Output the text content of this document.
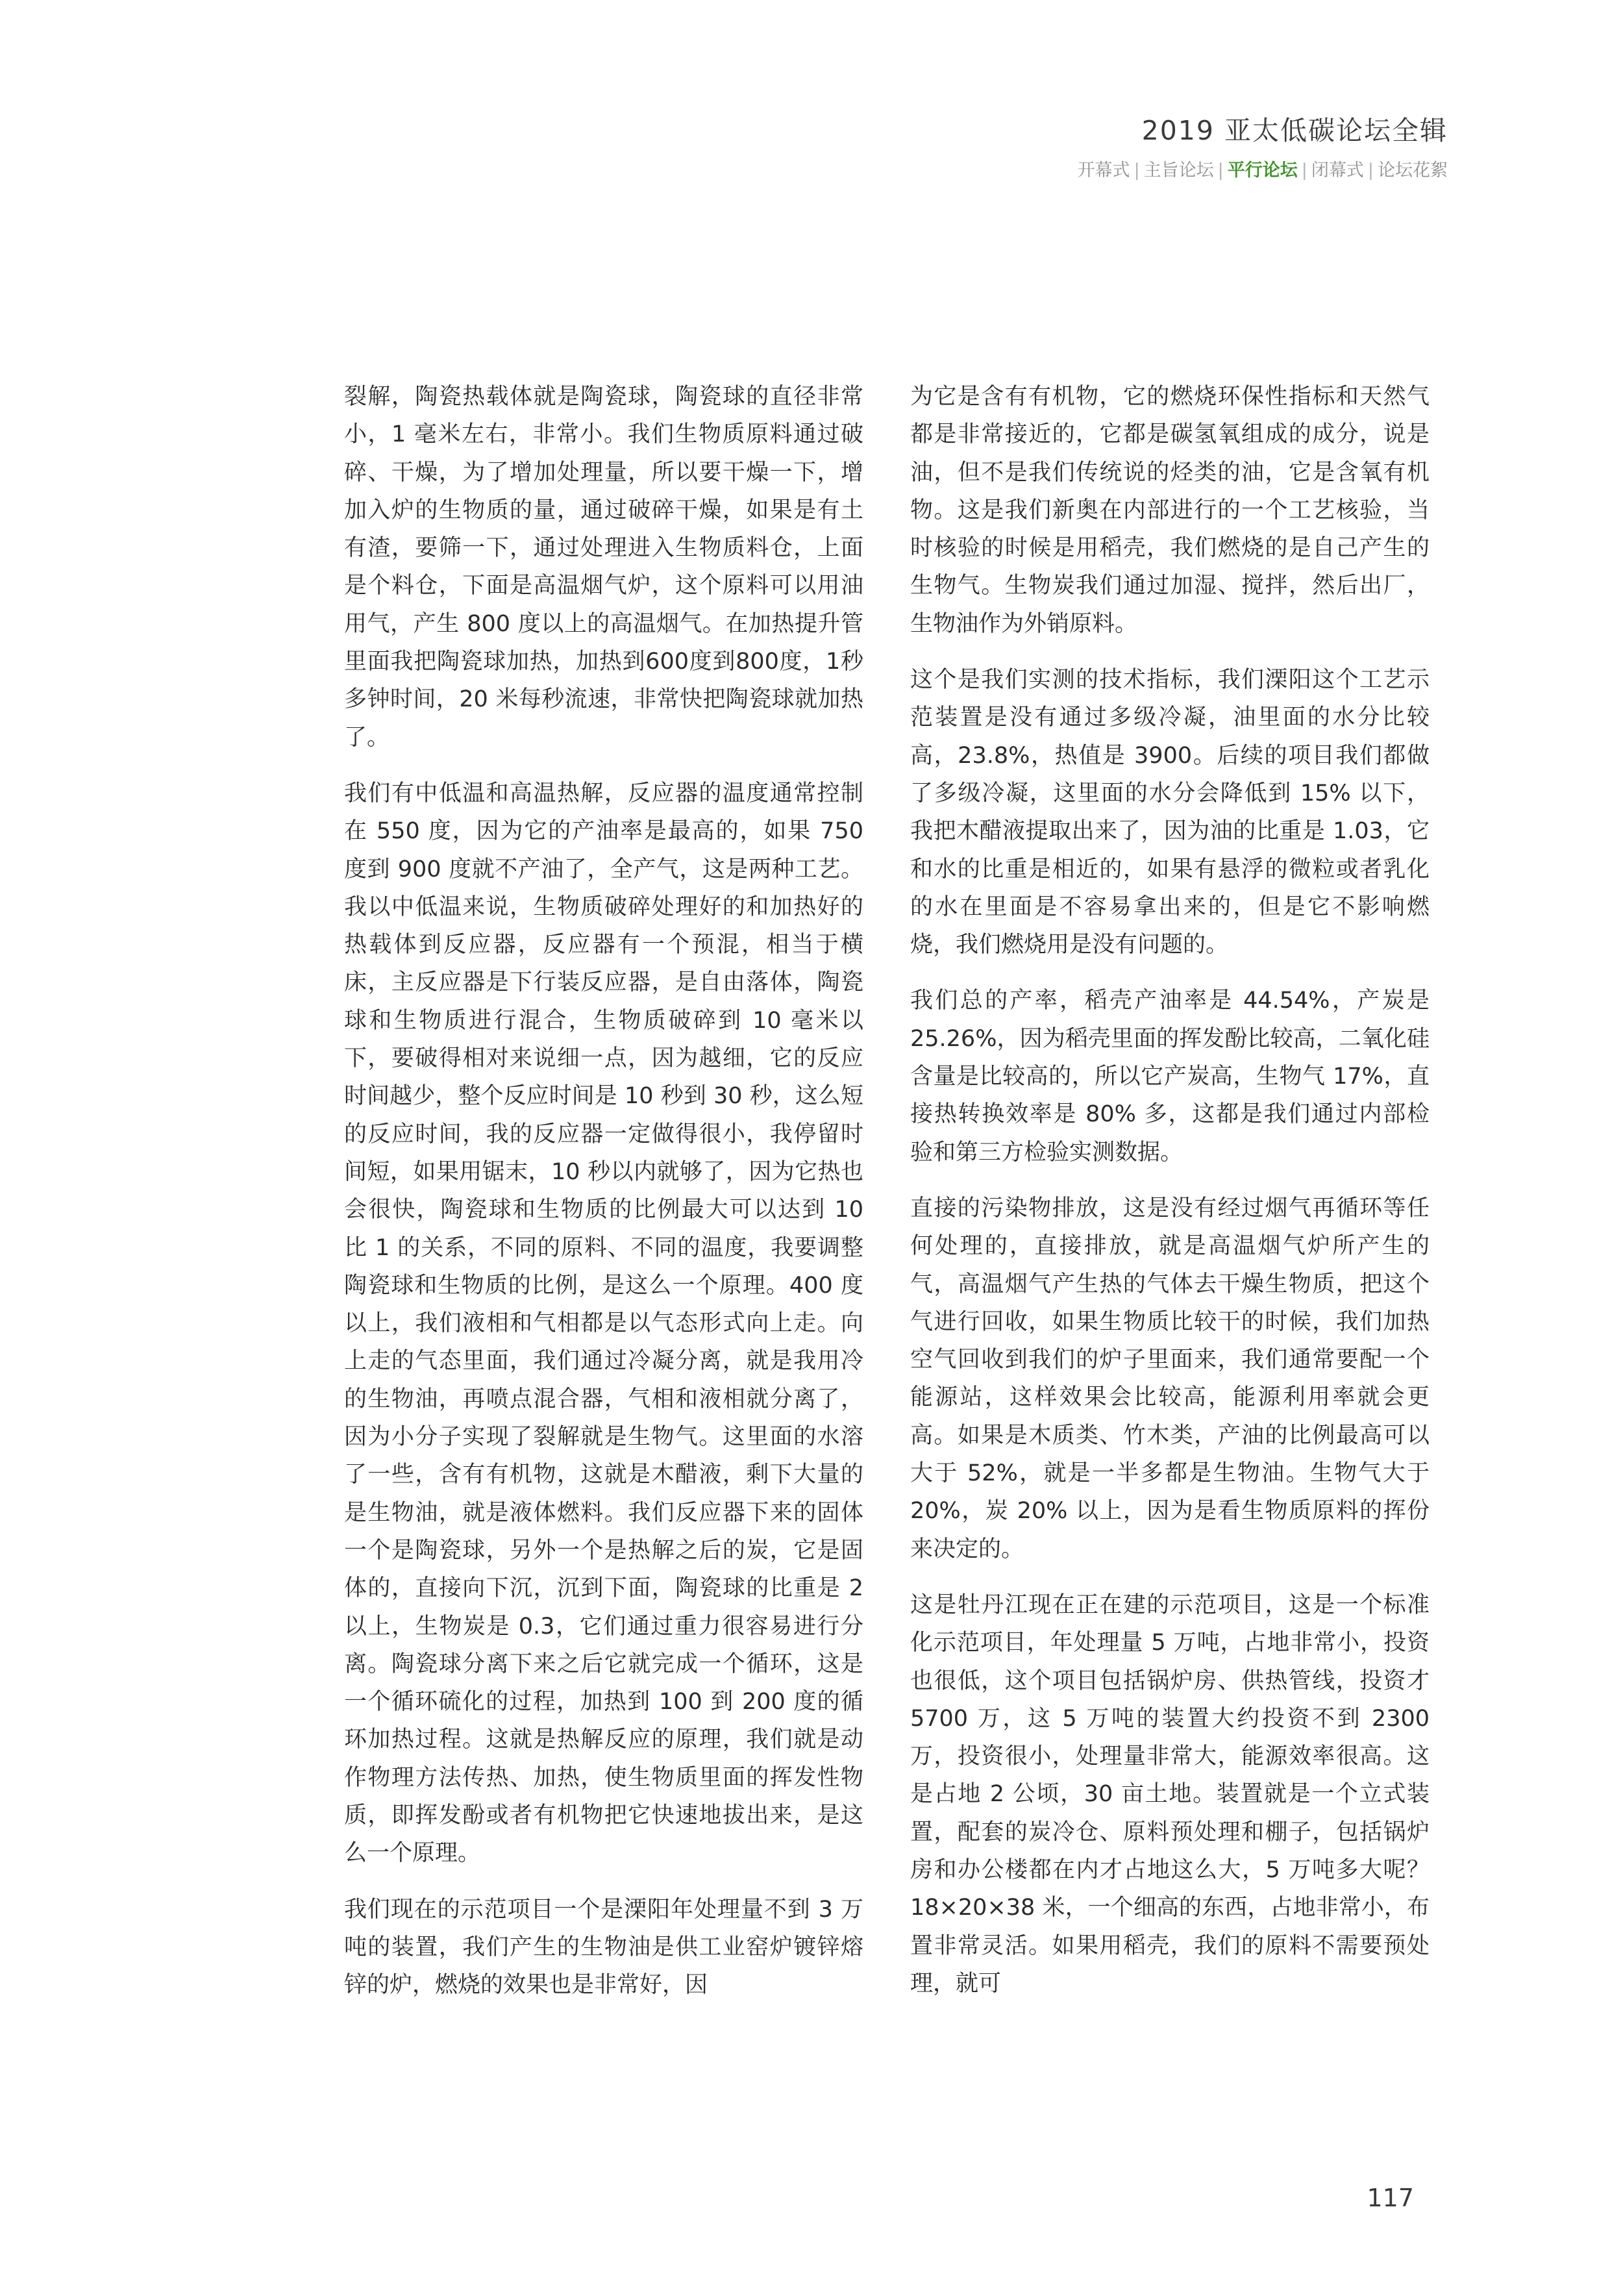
2019 亚太低碳论坛全辑
开幕式 | 主旨论坛 | 平行论坛 | 闭幕式 | 论坛花絮

裂解，陶瓷热载体就是陶瓷球，陶瓷球的直径非常小，1 毫米左右，非常小。我们生物质原料通过破碎、干燥，为了增加处理量，所以要干燥一下，增加入炉的生物质的量，通过破碎干燥，如果是有土有渣，要筛一下，通过处理进入生物质料仓，上面是个料仓，下面是高温烟气炉，这个原料可以用油用气，产生 800 度以上的高温烟气。在加热提升管里面我把陶瓷球加热，加热到600度到800度，1秒多钟时间，20 米每秒流速，非常快把陶瓷球就加热了。

我们有中低温和高温热解，反应器的温度通常控制在 550 度，因为它的产油率是最高的，如果 750 度到 900 度就不产油了，全产气，这是两种工艺。我以中低温来说，生物质破碎处理好的和加热好的热载体到反应器，反应器有一个预混，相当于横床，主反应器是下行装反应器，是自由落体，陶瓷球和生物质进行混合，生物质破碎到 10 毫米以下，要破得相对来说细一点，因为越细，它的反应时间越少，整个反应时间是 10 秒到 30 秒，这么短的反应时间，我的反应器一定做得很小，我停留时间短，如果用锯末，10 秒以内就够了，因为它热也会很快，陶瓷球和生物质的比例最大可以达到 10 比 1 的关系，不同的原料、不同的温度，我要调整陶瓷球和生物质的比例，是这么一个原理。400 度以上，我们液相和气相都是以气态形式向上走。向上走的气态里面，我们通过冷凝分离，就是我用冷的生物油，再喷点混合器，气相和液相就分离了，因为小分子实现了裂解就是生物气。这里面的水溶了一些，含有有机物，这就是木醋液，剩下大量的是生物油，就是液体燃料。我们反应器下来的固体一个是陶瓷球，另外一个是热解之后的炭，它是固体的，直接向下沉，沉到下面，陶瓷球的比重是 2 以上，生物炭是 0.3，它们通过重力很容易进行分离。陶瓷球分离下来之后它就完成一个循环，这是一个循环硫化的过程，加热到 100 到 200 度的循环加热过程。这就是热解反应的原理，我们就是动作物理方法传热、加热，使生物质里面的挥发性物质，即挥发酚或者有机物把它快速地拔出来，是这么一个原理。

我们现在的示范项目一个是溧阳年处理量不到 3 万吨的装置，我们产生的生物油是供工业窑炉镀锌熔锌的炉，燃烧的效果也是非常好，因

为它是含有有机物，它的燃烧环保性指标和天然气都是非常接近的，它都是碳氢氧组成的成分，说是油，但不是我们传统说的烃类的油，它是含氧有机物。这是我们新奥在内部进行的一个工艺核验，当时核验的时候是用稻壳，我们燃烧的是自己产生的生物气。生物炭我们通过加湿、搅拌，然后出厂，生物油作为外销原料。

这个是我们实测的技术指标，我们溧阳这个工艺示范装置是没有通过多级冷凝，油里面的水分比较高，23.8%，热值是 3900。后续的项目我们都做了多级冷凝，这里面的水分会降低到 15% 以下，我把木醋液提取出来了，因为油的比重是 1.03，它和水的比重是相近的，如果有悬浮的微粒或者乳化的水在里面是不容易拿出来的，但是它不影响燃烧，我们燃烧用是没有问题的。

我们总的产率，稻壳产油率是 44.54%，产炭是 25.26%，因为稻壳里面的挥发酚比较高，二氧化硅含量是比较高的，所以它产炭高，生物气 17%，直接热转换效率是 80% 多，这都是我们通过内部检验和第三方检验实测数据。

直接的污染物排放，这是没有经过烟气再循环等任何处理的，直接排放，就是高温烟气炉所产生的气，高温烟气产生热的气体去干燥生物质，把这个气进行回收，如果生物质比较干的时候，我们加热空气回收到我们的炉子里面来，我们通常要配一个能源站，这样效果会比较高，能源利用率就会更高。如果是木质类、竹木类，产油的比例最高可以大于 52%，就是一半多都是生物油。生物气大于 20%，炭 20% 以上，因为是看生物质原料的挥份来决定的。

这是牡丹江现在正在建的示范项目，这是一个标准化示范项目，年处理量 5 万吨，占地非常小，投资也很低，这个项目包括锅炉房、供热管线，投资才 5700 万，这 5 万吨的装置大约投资不到 2300 万，投资很小，处理量非常大，能源效率很高。这是占地 2 公顷，30 亩土地。装置就是一个立式装置，配套的炭冷仓、原料预处理和棚子，包括锅炉房和办公楼都在内才占地这么大，5 万吨多大呢？ 18×20×38 米，一个细高的东西，占地非常小，布置非常灵活。如果用稻壳，我们的原料不需要预处理，就可

117
